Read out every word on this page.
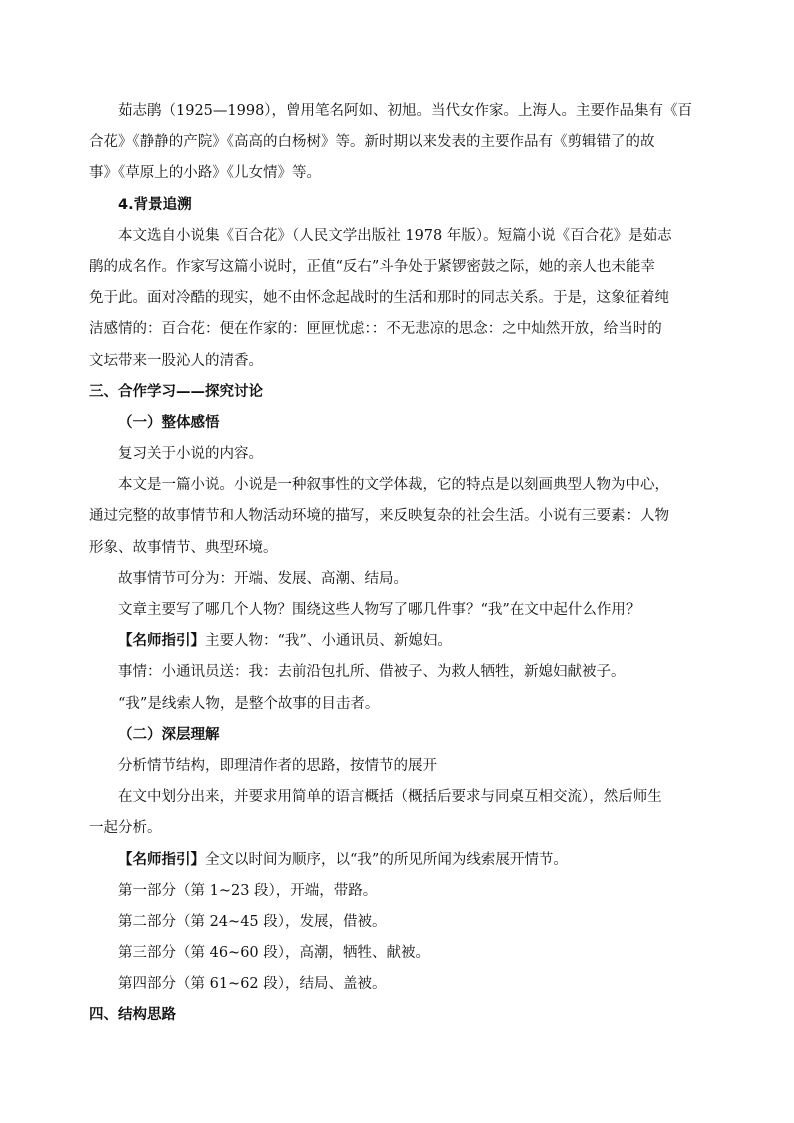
茹志鹃（1925—1998），曾用笔名阿如、初旭。当代女作家。上海人。主要作品集有《百
合花》《静静的产院》《高高的白杨树》等。新时期以来发表的主要作品有《剪辑错了的故
事》《草原上的小路》《儿女情》等。
4.背景追溯
本文选自小说集《百合花》（人民文学出版社 1978 年版）。短篇小说《百合花》是茹志
鹃的成名作。作家写这篇小说时，正值“反右”斗争处于紧锣密鼓之际，她的亲人也未能幸
免于此。面对冷酷的现实，她不由怀念起战时的生活和那时的同志关系。于是，这象征着纯
洁感情的：百合花：便在作家的：匣匣忧虑：：不无悲凉的思念：之中灿然开放，给当时的
文坛带来一股沁人的清香。
三、合作学习——探究讨论
（一）整体感悟
复习关于小说的内容。
本文是一篇小说。小说是一种叙事性的文学体裁，它的特点是以刻画典型人物为中心，
通过完整的故事情节和人物活动环境的描写，来反映复杂的社会生活。小说有三要素：人物
形象、故事情节、典型环境。
故事情节可分为：开端、发展、高潮、结局。
文章主要写了哪几个人物？围绕这些人物写了哪几件事？“我”在文中起什么作用？
【名师指引】主要人物：“我”、小通讯员、新媳妇。
事情：小通讯员送：我：去前沿包扎所、借被子、为救人牺牲，新媳妇献被子。
“我”是线索人物，是整个故事的目击者。
（二）深层理解
分析情节结构，即理清作者的思路，按情节的展开
在文中划分出来，并要求用简单的语言概括（概括后要求与同桌互相交流），然后师生
一起分析。
【名师指引】全文以时间为顺序，以“我”的所见所闻为线索展开情节。
第一部分（第 1~23 段），开端，带路。
第二部分（第 24~45 段），发展，借被。
第三部分（第 46~60 段），高潮，牺牲、献被。
第四部分（第 61~62 段），结局、盖被。
四、结构思路
